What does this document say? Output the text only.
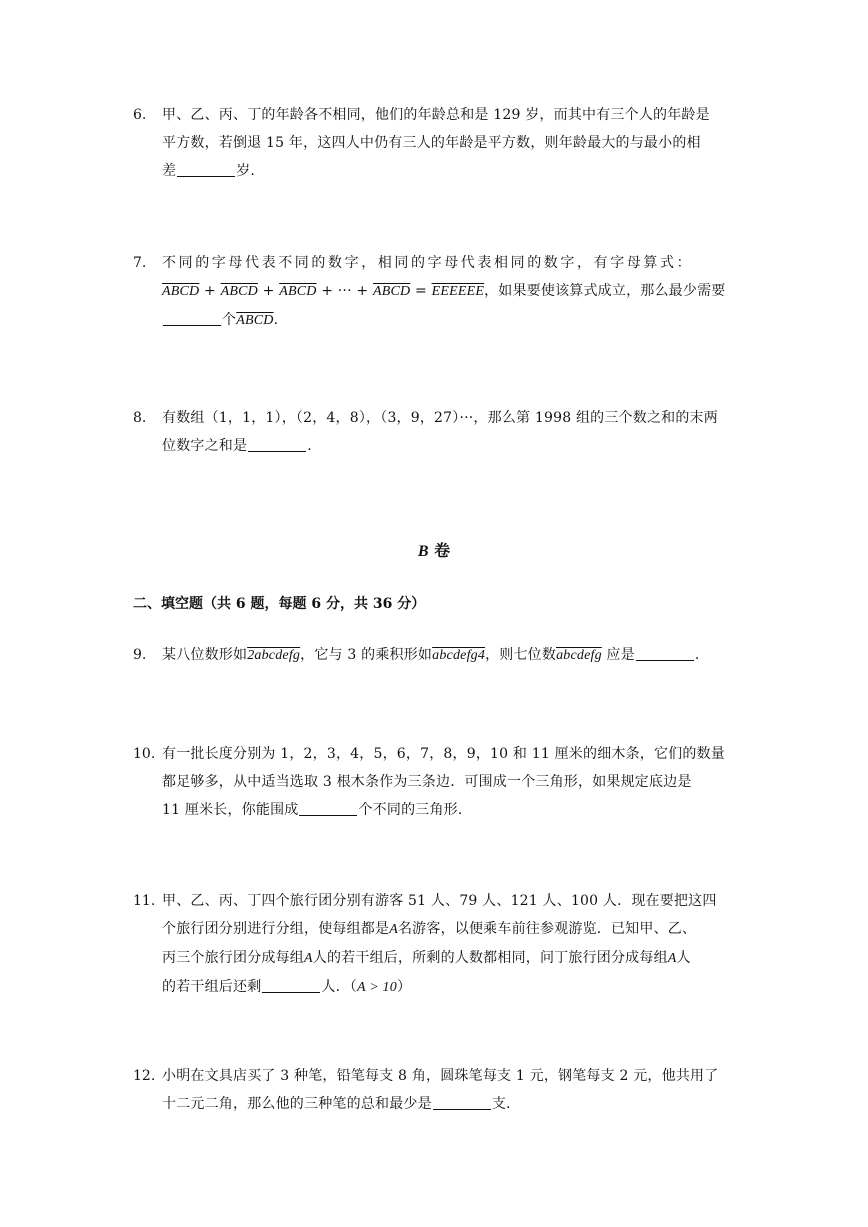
6. 甲、乙、丙、丁的年龄各不相同，他们的年龄总和是 129 岁，而其中有三个人的年龄是
平方数，若倒退 15 年，这四人中仍有三人的年龄是平方数，则年龄最大的与最小的相
差	岁.
7. 不同的字母代表不同的数字，相同的字母代表相同的数字，有字母算式：
ABCD + ABCD + ABCD + ··· + ABCD = EEEEEE，如果要使该算式成立，那么最少需要
个ABCD.
8. 有数组（1，1，1），（2，4，8），（3，9，27）···，那么第 1998 组的三个数之和的末两
位数字之和是	.
B 卷
二、填空题（共 6 题，每题 6 分，共 36 分）
9. 某八位数形如2abcdefg，它与 3 的乘积形如abcdefg4，则七位数abcdefg 应是	.
10. 有一批长度分别为 1，2，3，4，5，6，7，8，9，10 和 11 厘米的细木条，它们的数量
都足够多，从中适当选取 3 根木条作为三条边．可围成一个三角形，如果规定底边是
11 厘米长，你能围成	个不同的三角形.
11. 甲、乙、丙、丁四个旅行团分别有游客 51 人、79 人、121 人、100 人．现在要把这四
个旅行团分别进行分组，使每组都是A名游客，以便乘车前往参观游览．已知甲、乙、
丙三个旅行团分成每组A人的若干组后，所剩的人数都相同，问丁旅行团分成每组A人
的若干组后还剩	人．（A > 10）
12. 小明在文具店买了 3 种笔，铅笔每支 8 角，圆珠笔每支 1 元，钢笔每支 2 元，他共用了
十二元二角，那么他的三种笔的总和最少是	支.
